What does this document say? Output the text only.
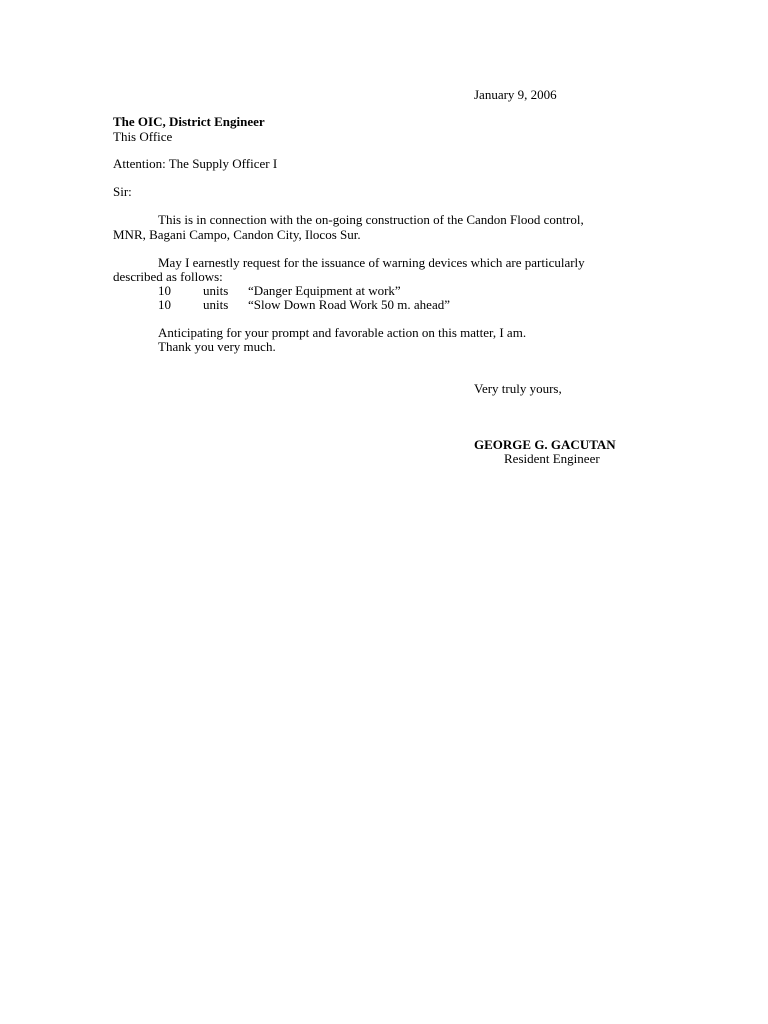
January 9, 2006
The OIC, District Engineer
This Office
Attention: The Supply Officer I
Sir:
This is in connection with the on-going construction of the Candon Flood control,
MNR, Bagani Campo, Candon City, Ilocos Sur.
May I earnestly request for the issuance of warning devices which are particularly
described as follows:
10 units “Danger Equipment at work”
10 units “Slow Down Road Work 50 m. ahead”
Anticipating for your prompt and favorable action on this matter, I am.
Thank you very much.
Very truly yours,
GEORGE G. GACUTAN
Resident Engineer
